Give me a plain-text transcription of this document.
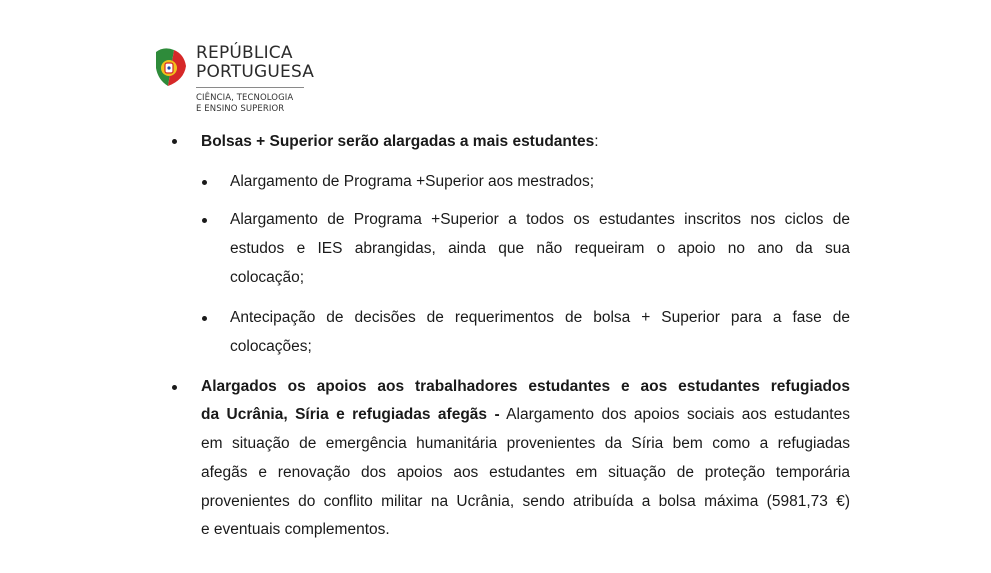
REPÚBLICA
PORTUGUESA
CIÊNCIA, TECNOLOGIA
E ENSINO SUPERIOR
Bolsas + Superior serão alargadas a mais estudantes:
Alargamento de Programa +Superior aos mestrados;
Alargamento de Programa +Superior a todos os estudantes inscritos nos ciclos de
estudos e IES abrangidas, ainda que não requeiram o apoio no ano da sua
colocação;
Antecipação de decisões de requerimentos de bolsa + Superior para a fase de
colocações;
Alargados os apoios aos trabalhadores estudantes e aos estudantes refugiados
da Ucrânia, Síria e refugiadas afegãs - Alargamento dos apoios sociais aos estudantes
em situação de emergência humanitária provenientes da Síria bem como a refugiadas
afegãs e renovação dos apoios aos estudantes em situação de proteção temporária
provenientes do conflito militar na Ucrânia, sendo atribuída a bolsa máxima (5981,73 €)
e eventuais complementos.
